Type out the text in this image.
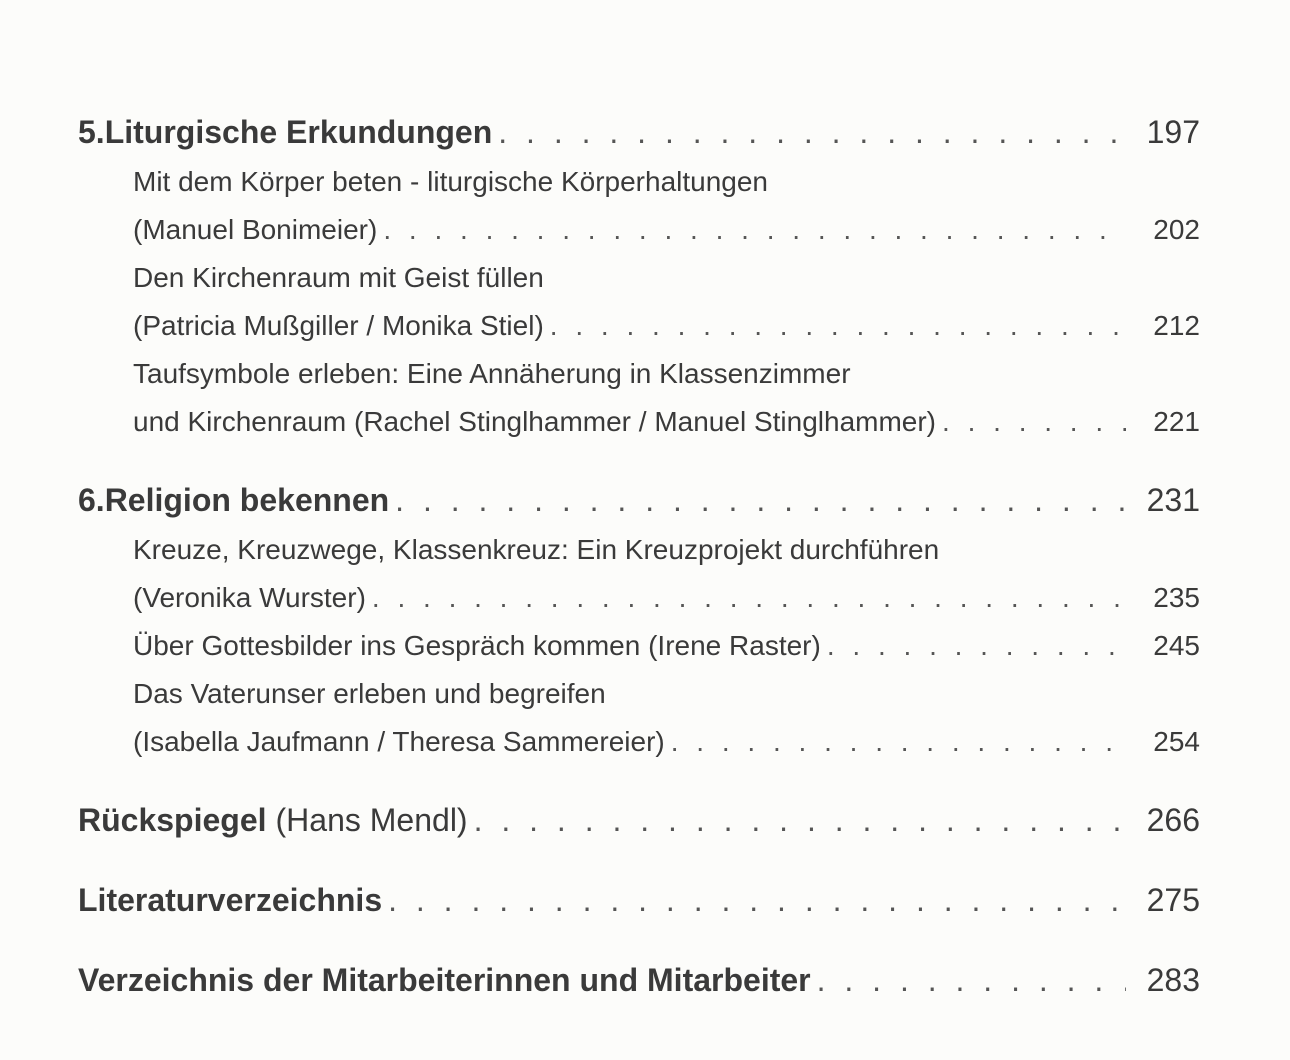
5. Liturgische Erkundungen . . .	197
Mit dem Körper beten - liturgische Körperhaltungen
(Manuel Bonimeier) . . .	202
Den Kirchenraum mit Geist füllen
(Patricia Mußgiller / Monika Stiel) . . .	212
Taufsymbole erleben: Eine Annäherung in Klassenzimmer
und Kirchenraum (Rachel Stinglhammer / Manuel Stinglhammer) . . .	221
6. Religion bekennen . . .	231
Kreuze, Kreuzwege, Klassenkreuz: Ein Kreuzprojekt durchführen
(Veronika Wurster) . . .	235
Über Gottesbilder ins Gespräch kommen (Irene Raster) . . .	245
Das Vaterunser erleben und begreifen
(Isabella Jaufmann / Theresa Sammereier) . . .	254
Rückspiegel (Hans Mendl) . . .	266
Literaturverzeichnis . . .	275
Verzeichnis der Mitarbeiterinnen und Mitarbeiter . . .	283
